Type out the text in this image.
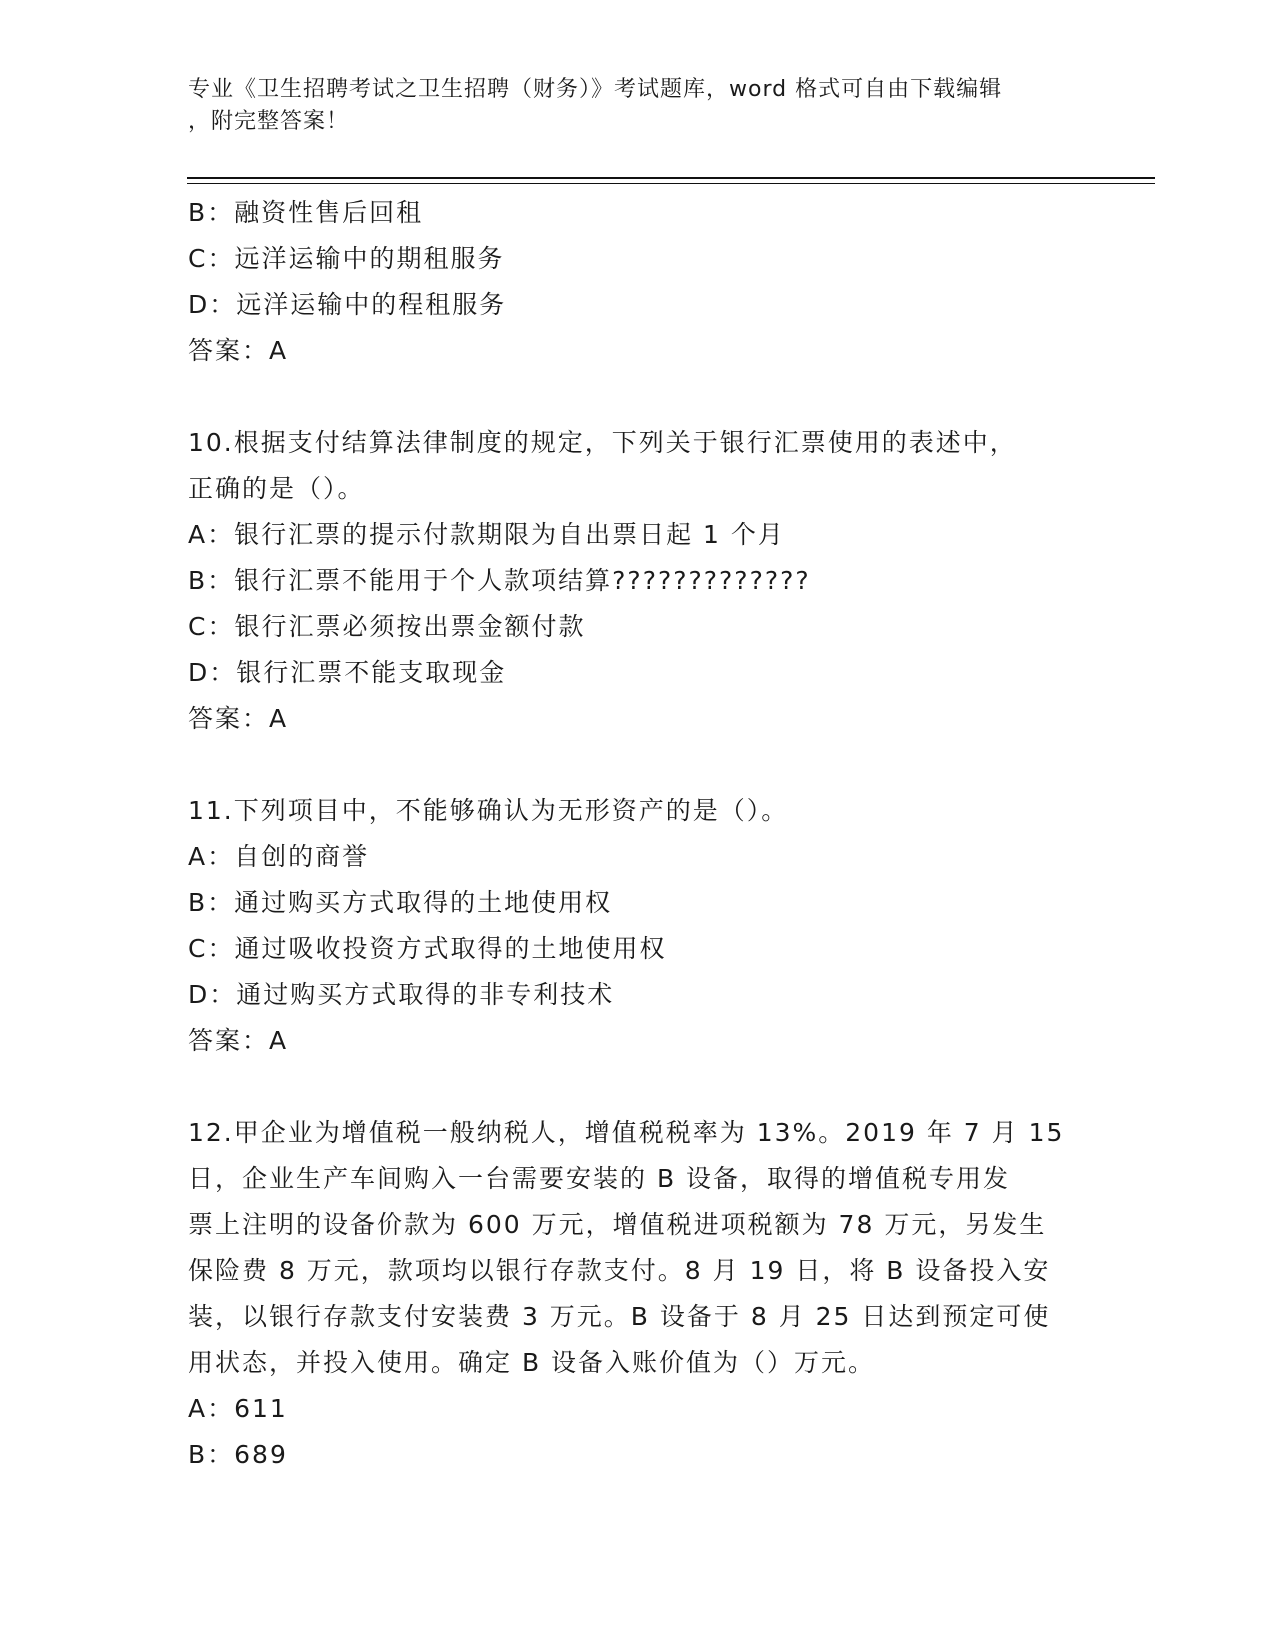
专业《卫生招聘考试之卫生招聘（财务）》考试题库，word 格式可自由下载编辑
，附完整答案！
B：融资性售后回租
C：远洋运输中的期租服务
D：远洋运输中的程租服务
答案：A
10.根据支付结算法律制度的规定，下列关于银行汇票使用的表述中，
正确的是（）。
A：银行汇票的提示付款期限为自出票日起 1 个月
B：银行汇票不能用于个人款项结算?????????????
C：银行汇票必须按出票金额付款
D：银行汇票不能支取现金
答案：A
11.下列项目中，不能够确认为无形资产的是（）。
A：自创的商誉
B：通过购买方式取得的土地使用权
C：通过吸收投资方式取得的土地使用权
D：通过购买方式取得的非专利技术
答案：A
12.甲企业为增值税一般纳税人，增值税税率为 13%。2019 年 7 月 15
日，企业生产车间购入一台需要安装的 B 设备，取得的增值税专用发
票上注明的设备价款为 600 万元，增值税进项税额为 78 万元，另发生
保险费 8 万元，款项均以银行存款支付。8 月 19 日，将 B 设备投入安
装，以银行存款支付安装费 3 万元。B 设备于 8 月 25 日达到预定可使
用状态，并投入使用。确定 B 设备入账价值为（）万元。
A：611
B：689
